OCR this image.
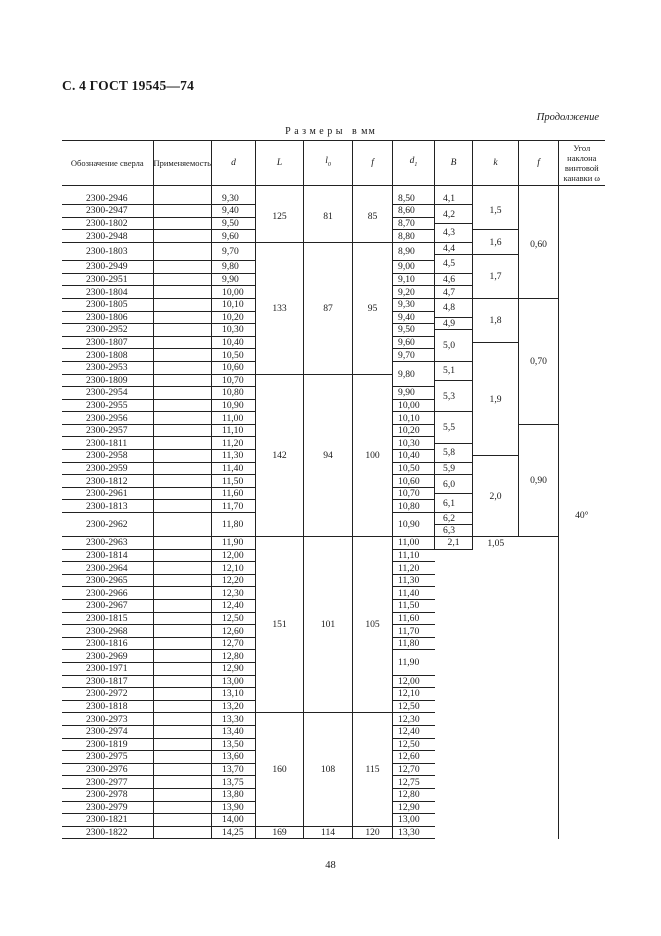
С. 4 ГОСТ 19545—74
Продолжение
Размеры в мм
Обозначение сверла	Применяемость	d	L	$l_0$	f	$d_1$	B	k	f	Угол наклона винтовой канавки ω

2300-2946		9,30	125	81	85	8,50	4,1	1,5	0,60	40°

2300-2947		9,40				8,60	4,2			

2300-1802		9,50				8,70				
							4,3			
2300-2948		9,60				8,80		1,6		

2300-1803		9,70	133	87	95	8,90	4,4			
							4,5	1,7		
2300-2949		9,80				9,00				

2300-2951		9,90				9,10	4,6			

2300-1804		10,00				9,20	4,7			

2300-1805		10,10				9,30	4,8	1,8	0,70	

2300-1806		10,20				9,40				
							4,9			
2300-2952		10,30				9,50				
							5,0			
2300-1807		10,40				9,60				
								1,9		
2300-1808		10,50				9,70				

2300-2953		10,60				9,80	5,1			

2300-1809		10,70	142	94	100					
							5,3			
2300-2954		10,80				9,90				

2300-2955		10,90				10,00				

2300-2956		11,00				10,10	5,5			

2300-2957		11,10				10,20			0,90	

2300-1811		11,20				10,30				
							5,8			
2300-2958		11,30				10,40				
								2,0		
2300-2959		11,40				10,50	5,9			

2300-1812		11,50				10,60	6,0			

2300-2961		11,60				10,70				
							6,1			
2300-1813		11,70				10,80				

2300-2962		11,80				10,90	6,2			
							6,3			
2300-2963		11,90	151	101	105	11,00	2,1	1,05		

2300-1814		12,00				11,10				

2300-2964		12,10				11,20				

2300-2965		12,20				11,30				

2300-2966		12,30				11,40				

2300-2967		12,40				11,50				

2300-1815		12,50				11,60				

2300-2968		12,60				11,70				

2300-1816		12,70				11,80				

2300-2969		12,80				11,90				

2300-1971		12,90								

2300-1817		13,00				12,00				

2300-2972		13,10				12,10				

2300-1818		13,20				12,50				

2300-2973		13,30	160	108	115	12,30				

2300-2974		13,40				12,40				

2300-1819		13,50				12,50				

2300-2975		13,60				12,60				

2300-2976		13,70				12,70				

2300-2977		13,75				12,75				

2300-2978		13,80				12,80				

2300-2979		13,90				12,90				

2300-1821		14,00				13,00				

2300-1822		14,25	169	114	120	13,30				

48
